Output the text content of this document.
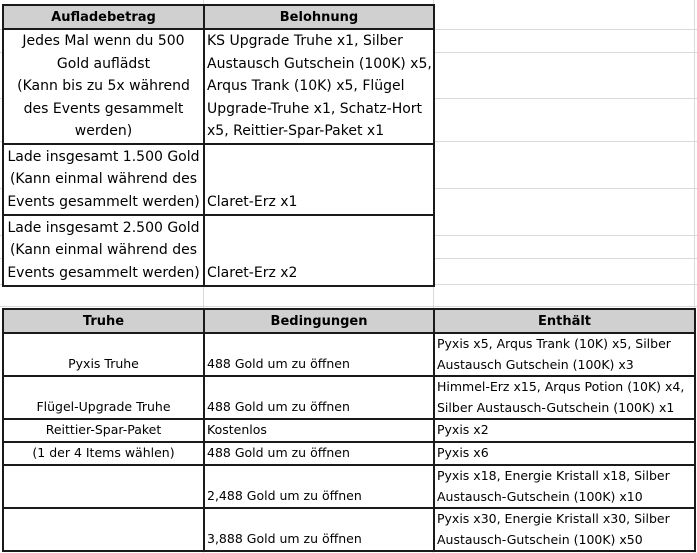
Aufladebetrag	Belohnung

Jedes Mal wenn du 500
Gold auflädst
(Kann bis zu 5x während
des Events gesammelt
werden)	KS Upgrade Truhe x1, Silber
Austausch Gutschein (100K) x5,
Arqus Trank (10K) x5, Flügel
Upgrade-Truhe x1, Schatz-Hort
x5, Reittier-Spar-Paket x1

Lade insgesamt 1.500 Gold
(Kann einmal während des
Events gesammelt werden)	Claret-Erz x1

Lade insgesamt 2.500 Gold
(Kann einmal während des
Events gesammelt werden)	Claret-Erz x2
Truhe	Bedingungen	Enthält
Pyxis Truhe	488 Gold um zu öffnen	Pyxis x5, Arqus Trank (10K) x5, Silber
Austausch Gutschein (100K) x3

Flügel-Upgrade Truhe	488 Gold um zu öffnen	Himmel-Erz x15, Arqus Potion (10K) x4,
Silber Austausch-Gutschein (100K) x1

Reittier-Spar-Paket	Kostenlos	Pyxis x2
(1 der 4 Items wählen)	488 Gold um zu öffnen	Pyxis x6
	2,488 Gold um zu öffnen	Pyxis x18, Energie Kristall x18, Silber
Austausch-Gutschein (100K) x10

	3,888 Gold um zu öffnen	Pyxis x30, Energie Kristall x30, Silber
Austausch-Gutschein (100K) x50
